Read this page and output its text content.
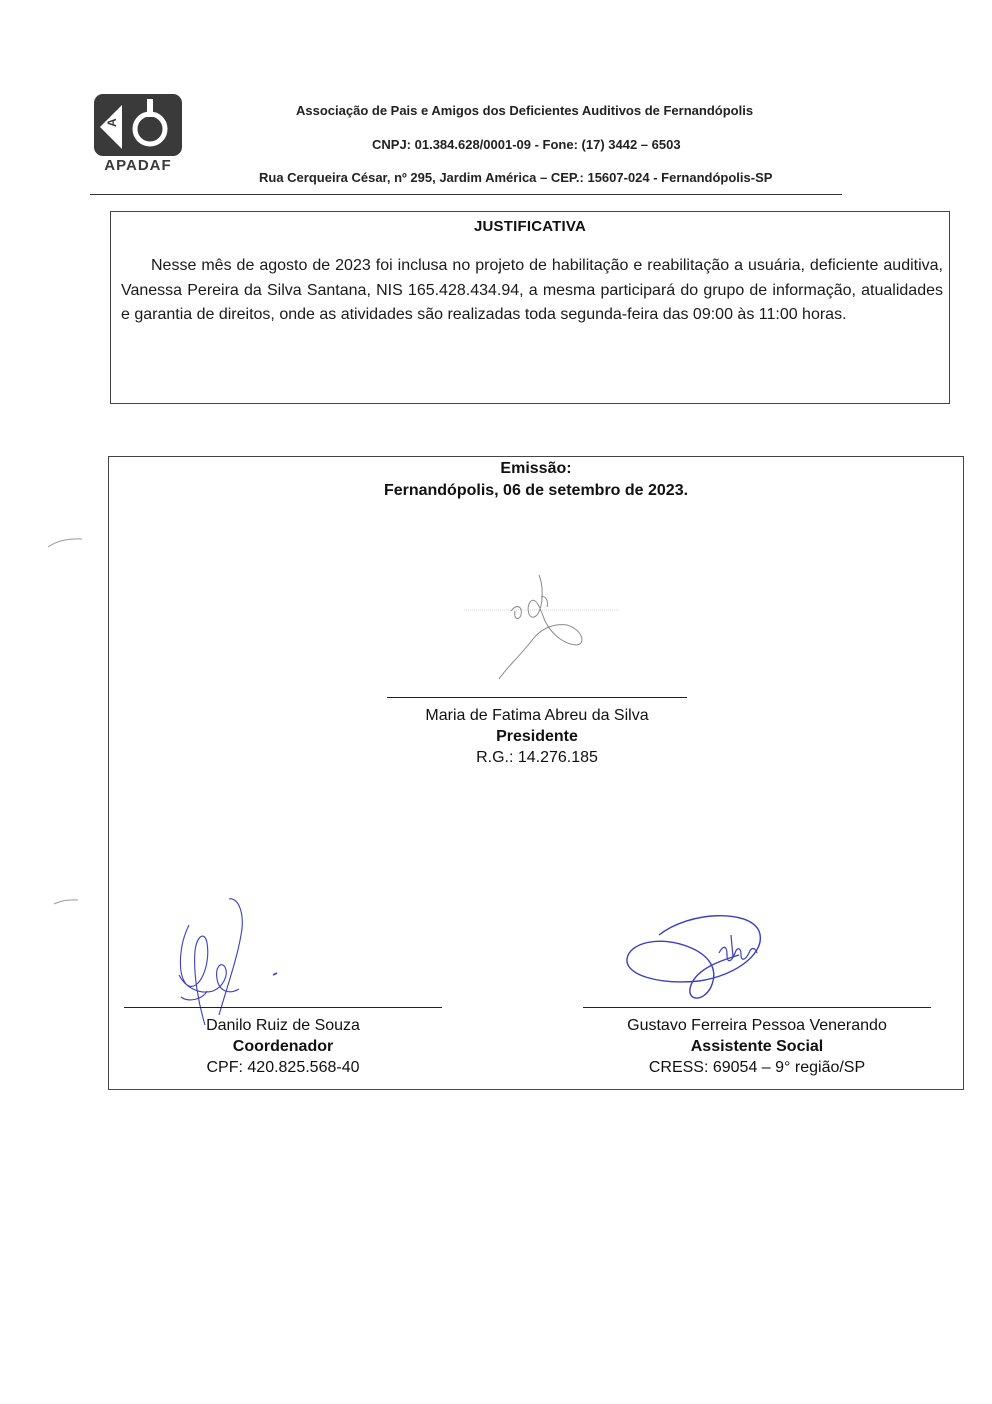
A
APADAF
Associação de Pais e Amigos dos Deficientes Auditivos de Fernandópolis
CNPJ: 01.384.628/0001-09 - Fone: (17) 3442 – 6503
Rua Cerqueira César, nº 295, Jardim América – CEP.: 15607-024 - Fernandópolis-SP
JUSTIFICATIVA
Nesse mês de agosto de 2023 foi inclusa no projeto de habilitação e reabilitação a usuária, deficiente auditiva, Vanessa Pereira da Silva Santana, NIS 165.428.434.94, a mesma participará do grupo de informação, atualidades e garantia de direitos, onde as atividades são realizadas toda segunda-feira das 09:00 às 11:00 horas.
Emissão:
Fernandópolis, 06 de setembro de 2023.
Maria de Fatima Abreu da Silva
Presidente
R.G.: 14.276.185
Danilo Ruiz de Souza
Coordenador
CPF: 420.825.568-40
Gustavo Ferreira Pessoa Venerando
Assistente Social
CRESS: 69054 – 9° região/SP
